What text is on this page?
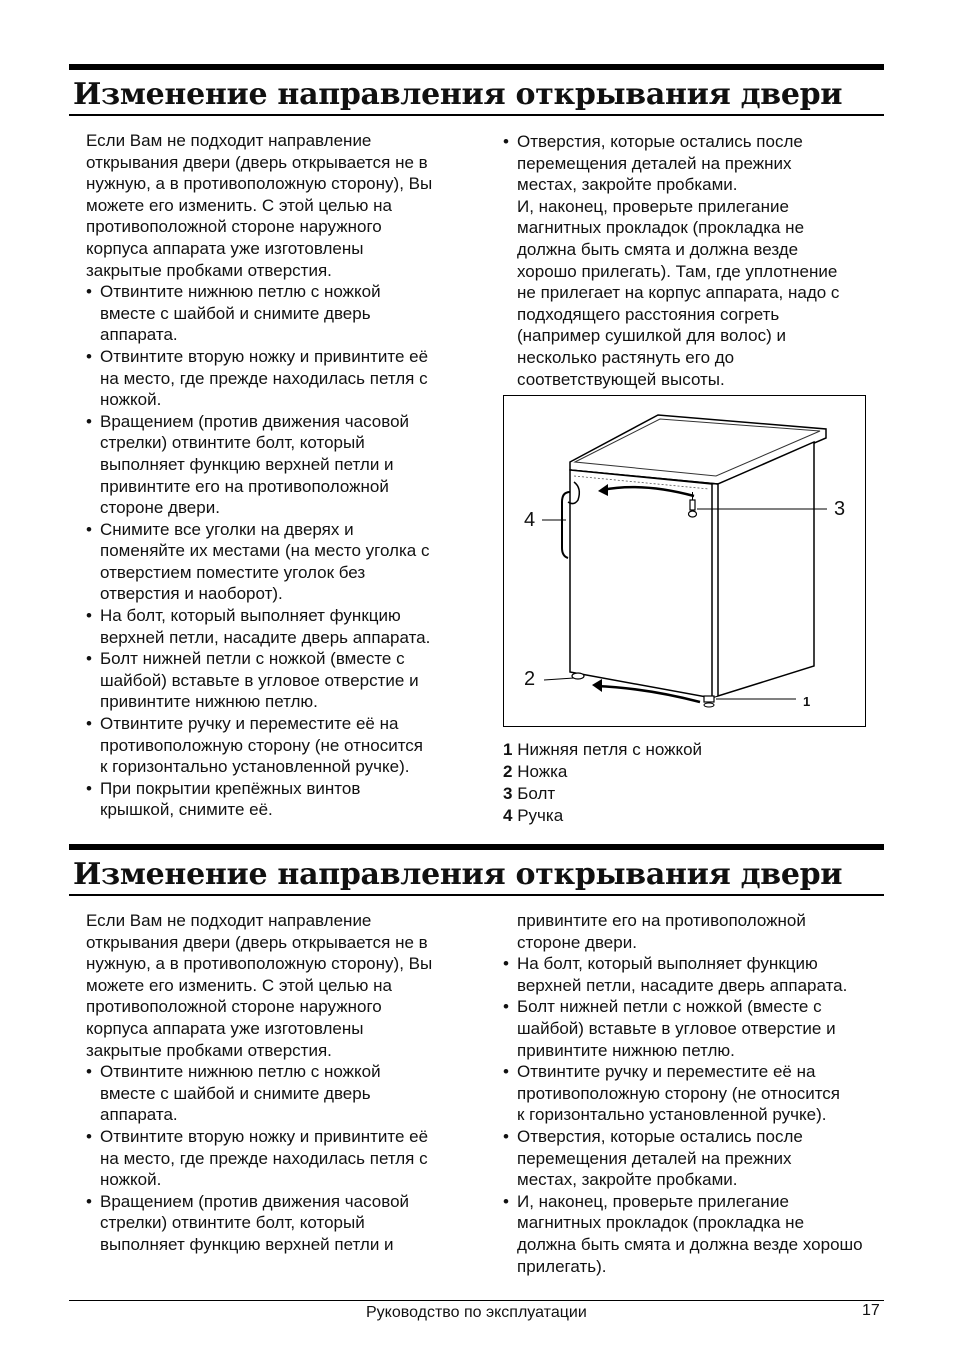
Изменение направления открывания двери

Если Вам не подходит направление
открывания двери (дверь открывается не в
нужную, а в противоположную сторону), Вы
можете его изменить. С этой целью на
противоположной стороне наружного
корпуса аппарата уже изготовлены
закрытые пробками отверстия.

• Отвинтите нижнюю петлю с ножкой
вместе с шайбой и снимите дверь
аппарата.
• Отвинтите вторую ножку и привинтите её
на место, где прежде находилась петля с
ножкой.
• Вращением (против движения часовой
стрелки) отвинтите болт, который
выполняет функцию верхней петли и
привинтите его на противоположной
стороне двери.
• Снимите все уголки на дверях и
поменяйте их местами (на место уголка с
отверстием поместите уголок без
отверстия и наоборот).
• На болт, который выполняет функцию
верхней петли, насадите дверь аппарата.
• Болт нижней петли с ножкой (вместе с
шайбой) вставьте в угловое отверстие и
привинтите нижнюю петлю.
• Отвинтите ручку и переместите её на
противоположную сторону (не относится
к горизонтально установленной ручке).
• При покрытии крепёжных винтов
крышкой, снимите её.
• Отверстия, которые остались после
перемещения деталей на прежних
местах, закройте пробками.
И, наконец, проверьте прилегание
магнитных прокладок (прокладка не
должна быть смята и должна везде
хорошо прилегать). Там, где уплотнение
не прилегает на корпус аппарата, надо с
подходящего расстояния согреть
(например сушилкой для волос) и
несколько растянуть его до
соответствующей высоты.
4	3
2
1
1 Нижняя петля с ножкой
2 Ножка
3 Болт
4 Ручка
Изменение направления открывания двери

Если Вам не подходит направление
открывания двери (дверь открывается не в
нужную, а в противоположную сторону), Вы
можете его изменить. С этой целью на
противоположной стороне наружного
корпуса аппарата уже изготовлены
закрытые пробками отверстия.

• Отвинтите нижнюю петлю с ножкой
вместе с шайбой и снимите дверь
аппарата.
• Отвинтите вторую ножку и привинтите её
на место, где прежде находилась петля с
ножкой.
• Вращением (против движения часовой
стрелки) отвинтите болт, который
выполняет функцию верхней петли и
привинтите его на противоположной
стороне двери.
• На болт, который выполняет функцию
верхней петли, насадите дверь аппарата.
• Болт нижней петли с ножкой (вместе с
шайбой) вставьте в угловое отверстие и
привинтите нижнюю петлю.
• Отвинтите ручку и переместите её на
противоположную сторону (не относится
к горизонтально установленной ручке).
• Отверстия, которые остались после
перемещения деталей на прежних
местах, закройте пробками.
• И, наконец, проверьте прилегание
магнитных прокладок (прокладка не
должна быть смята и должна везде хорошо
прилегать).
Руководство по эксплуатации	17
